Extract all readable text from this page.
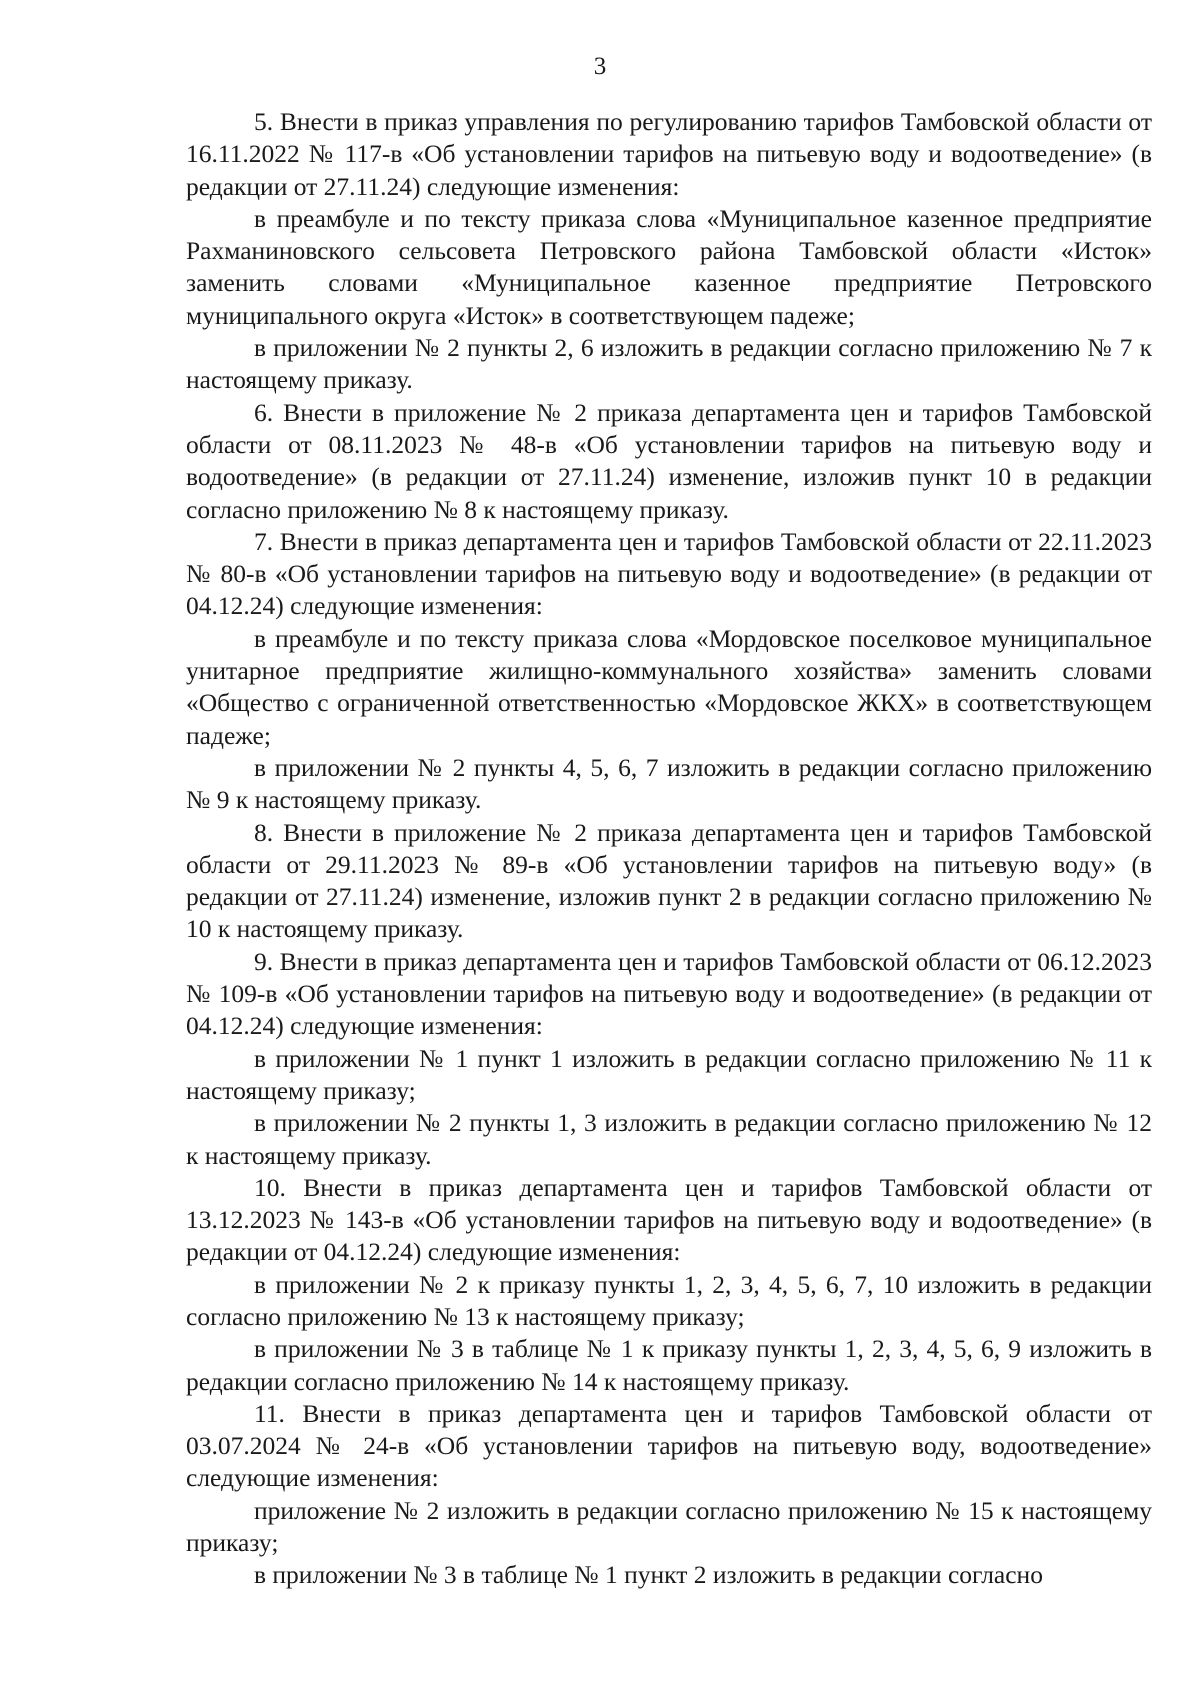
3

5. Внести в приказ управления по регулированию тарифов Тамбовской области от 16.11.2022 № 117-в «Об установлении тарифов на питьевую воду и водоотведение» (в редакции от 27.11.24) следующие изменения:

в преамбуле и по тексту приказа слова «Муниципальное казенное предприятие Рахманиновского сельсовета Петровского района Тамбовской области «Исток» заменить словами «Муниципальное казенное предприятие Петровского муниципального округа «Исток» в соответствующем падеже;

в приложении № 2 пункты 2, 6 изложить в редакции согласно приложению № 7 к настоящему приказу.

6. Внести в приложение № 2 приказа департамента цен и тарифов Тамбовской области от 08.11.2023 № 48-в «Об установлении тарифов на питьевую воду и водоотведение» (в редакции от 27.11.24) изменение, изложив пункт 10 в редакции согласно приложению № 8 к настоящему приказу.

7. Внести в приказ департамента цен и тарифов Тамбовской области от 22.11.2023 № 80-в «Об установлении тарифов на питьевую воду и водоотведение» (в редакции от 04.12.24) следующие изменения:

в преамбуле и по тексту приказа слова «Мордовское поселковое муниципальное унитарное предприятие жилищно-коммунального хозяйства» заменить словами «Общество с ограниченной ответственностью «Мордовское ЖКХ» в соответствующем падеже;

в приложении № 2 пункты 4, 5, 6, 7 изложить в редакции согласно приложению № 9 к настоящему приказу.

8. Внести в приложение № 2 приказа департамента цен и тарифов Тамбовской области от 29.11.2023 № 89-в «Об установлении тарифов на питьевую воду» (в редакции от 27.11.24) изменение, изложив пункт 2 в редакции согласно приложению № 10 к настоящему приказу.

9. Внести в приказ департамента цен и тарифов Тамбовской области от 06.12.2023 № 109-в «Об установлении тарифов на питьевую воду и водоотведение» (в редакции от 04.12.24) следующие изменения:

в приложении № 1 пункт 1 изложить в редакции согласно приложению № 11 к настоящему приказу;

в приложении № 2 пункты 1, 3 изложить в редакции согласно приложению № 12 к настоящему приказу.

10. Внести в приказ департамента цен и тарифов Тамбовской области от 13.12.2023 № 143-в «Об установлении тарифов на питьевую воду и водоотведение» (в редакции от 04.12.24) следующие изменения:

в приложении № 2 к приказу пункты 1, 2, 3, 4, 5, 6, 7, 10 изложить в редакции согласно приложению № 13 к настоящему приказу;

в приложении № 3 в таблице № 1 к приказу пункты 1, 2, 3, 4, 5, 6, 9 изложить в редакции согласно приложению № 14 к настоящему приказу.

11. Внести в приказ департамента цен и тарифов Тамбовской области от 03.07.2024 № 24-в «Об установлении тарифов на питьевую воду, водоотведение» следующие изменения:

приложение № 2 изложить в редакции согласно приложению № 15 к настоящему приказу;

в приложении № 3 в таблице № 1 пункт 2 изложить в редакции согласно
